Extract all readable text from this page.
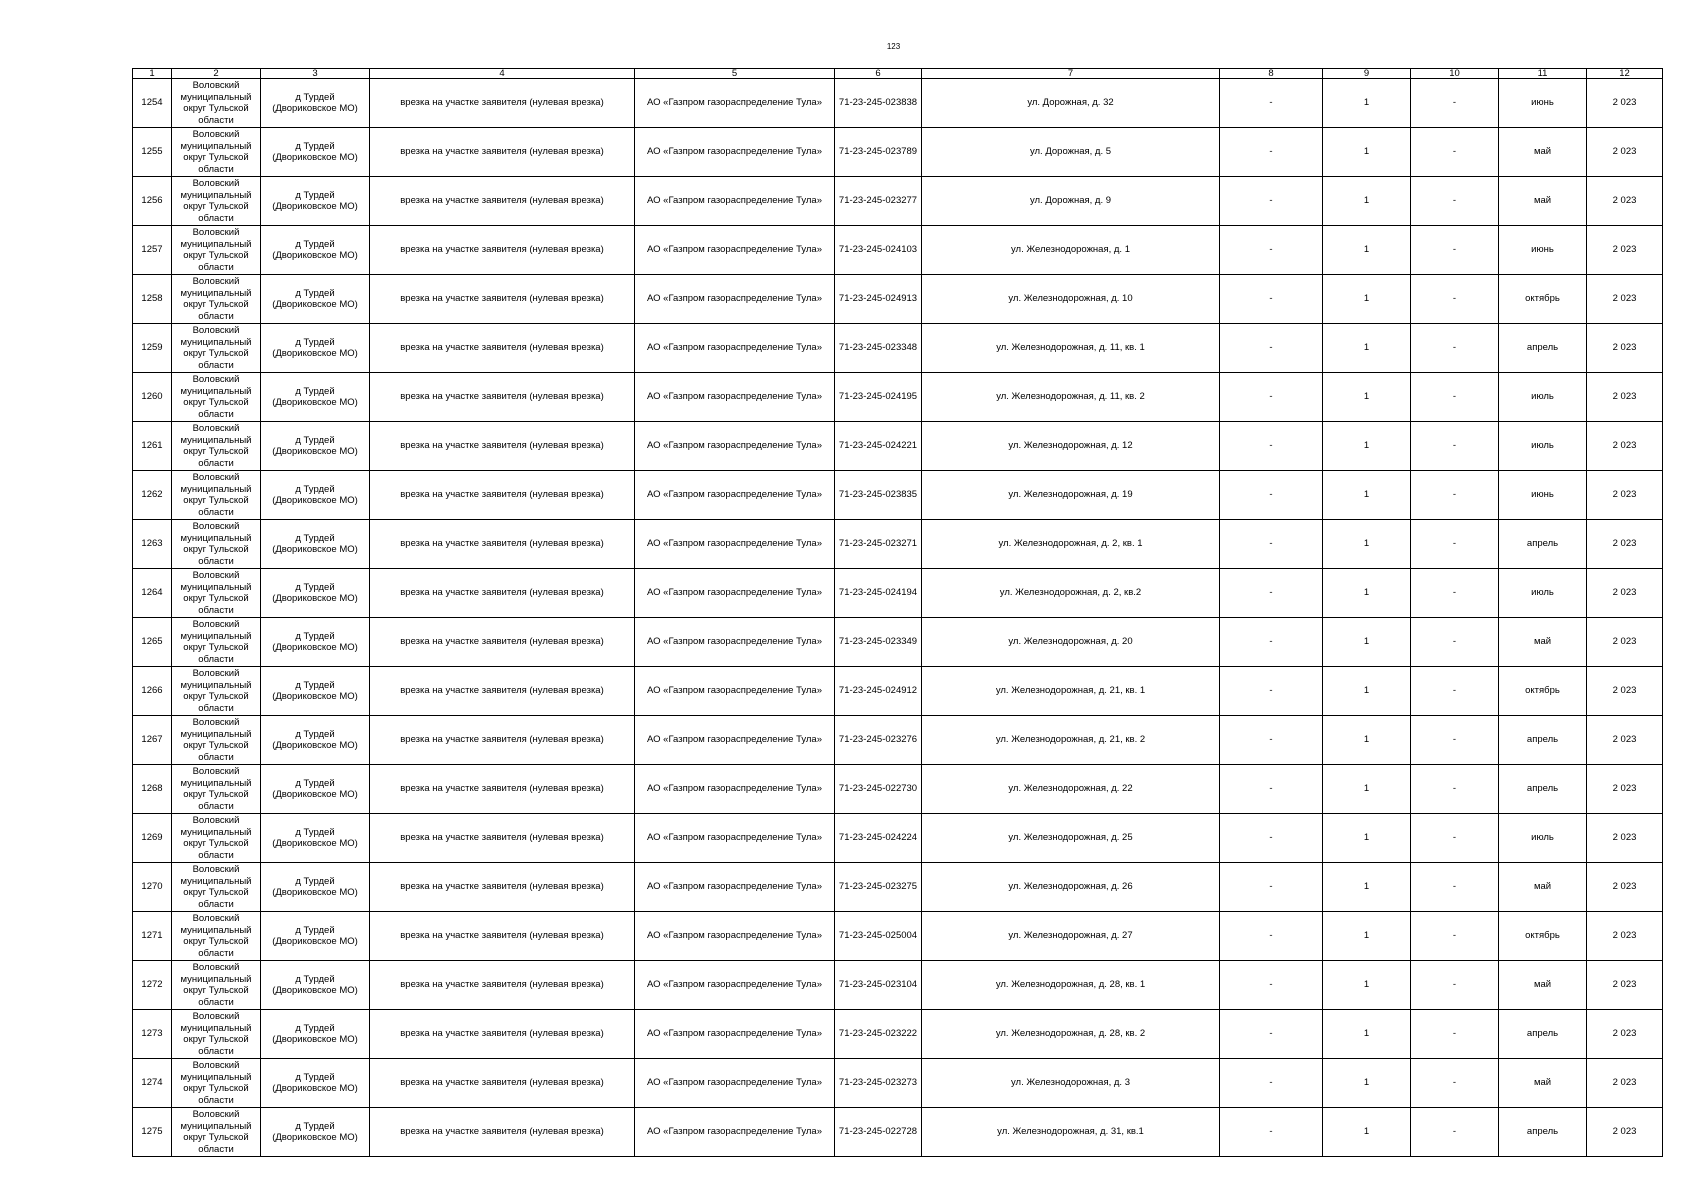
123
1	2	3	4	5	6	7	8	9	10	11	12
1254	Воловский муниципальный округ Тульской области	д Турдей (Двориковское МО)	врезка на участке заявителя (нулевая врезка)	АО «Газпром газораспределение Тула»	71-23-245-023838	ул. Дорожная, д. 32	-	1	-	июнь	2 023
1255	Воловский муниципальный округ Тульской области	д Турдей (Двориковское МО)	врезка на участке заявителя (нулевая врезка)	АО «Газпром газораспределение Тула»	71-23-245-023789	ул. Дорожная, д. 5	-	1	-	май	2 023
1256	Воловский муниципальный округ Тульской области	д Турдей (Двориковское МО)	врезка на участке заявителя (нулевая врезка)	АО «Газпром газораспределение Тула»	71-23-245-023277	ул. Дорожная, д. 9	-	1	-	май	2 023
1257	Воловский муниципальный округ Тульской области	д Турдей (Двориковское МО)	врезка на участке заявителя (нулевая врезка)	АО «Газпром газораспределение Тула»	71-23-245-024103	ул. Железнодорожная, д. 1	-	1	-	июнь	2 023
1258	Воловский муниципальный округ Тульской области	д Турдей (Двориковское МО)	врезка на участке заявителя (нулевая врезка)	АО «Газпром газораспределение Тула»	71-23-245-024913	ул. Железнодорожная, д. 10	-	1	-	октябрь	2 023
1259	Воловский муниципальный округ Тульской области	д Турдей (Двориковское МО)	врезка на участке заявителя (нулевая врезка)	АО «Газпром газораспределение Тула»	71-23-245-023348	ул. Железнодорожная, д. 11, кв. 1	-	1	-	апрель	2 023
1260	Воловский муниципальный округ Тульской области	д Турдей (Двориковское МО)	врезка на участке заявителя (нулевая врезка)	АО «Газпром газораспределение Тула»	71-23-245-024195	ул. Железнодорожная, д. 11, кв. 2	-	1	-	июль	2 023
1261	Воловский муниципальный округ Тульской области	д Турдей (Двориковское МО)	врезка на участке заявителя (нулевая врезка)	АО «Газпром газораспределение Тула»	71-23-245-024221	ул. Железнодорожная, д. 12	-	1	-	июль	2 023
1262	Воловский муниципальный округ Тульской области	д Турдей (Двориковское МО)	врезка на участке заявителя (нулевая врезка)	АО «Газпром газораспределение Тула»	71-23-245-023835	ул. Железнодорожная, д. 19	-	1	-	июнь	2 023
1263	Воловский муниципальный округ Тульской области	д Турдей (Двориковское МО)	врезка на участке заявителя (нулевая врезка)	АО «Газпром газораспределение Тула»	71-23-245-023271	ул. Железнодорожная, д. 2, кв. 1	-	1	-	апрель	2 023
1264	Воловский муниципальный округ Тульской области	д Турдей (Двориковское МО)	врезка на участке заявителя (нулевая врезка)	АО «Газпром газораспределение Тула»	71-23-245-024194	ул. Железнодорожная, д. 2, кв.2	-	1	-	июль	2 023
1265	Воловский муниципальный округ Тульской области	д Турдей (Двориковское МО)	врезка на участке заявителя (нулевая врезка)	АО «Газпром газораспределение Тула»	71-23-245-023349	ул. Железнодорожная, д. 20	-	1	-	май	2 023
1266	Воловский муниципальный округ Тульской области	д Турдей (Двориковское МО)	врезка на участке заявителя (нулевая врезка)	АО «Газпром газораспределение Тула»	71-23-245-024912	ул. Железнодорожная, д. 21, кв. 1	-	1	-	октябрь	2 023
1267	Воловский муниципальный округ Тульской области	д Турдей (Двориковское МО)	врезка на участке заявителя (нулевая врезка)	АО «Газпром газораспределение Тула»	71-23-245-023276	ул. Железнодорожная, д. 21, кв. 2	-	1	-	апрель	2 023
1268	Воловский муниципальный округ Тульской области	д Турдей (Двориковское МО)	врезка на участке заявителя (нулевая врезка)	АО «Газпром газораспределение Тула»	71-23-245-022730	ул. Железнодорожная, д. 22	-	1	-	апрель	2 023
1269	Воловский муниципальный округ Тульской области	д Турдей (Двориковское МО)	врезка на участке заявителя (нулевая врезка)	АО «Газпром газораспределение Тула»	71-23-245-024224	ул. Железнодорожная, д. 25	-	1	-	июль	2 023
1270	Воловский муниципальный округ Тульской области	д Турдей (Двориковское МО)	врезка на участке заявителя (нулевая врезка)	АО «Газпром газораспределение Тула»	71-23-245-023275	ул. Железнодорожная, д. 26	-	1	-	май	2 023
1271	Воловский муниципальный округ Тульской области	д Турдей (Двориковское МО)	врезка на участке заявителя (нулевая врезка)	АО «Газпром газораспределение Тула»	71-23-245-025004	ул. Железнодорожная, д. 27	-	1	-	октябрь	2 023
1272	Воловский муниципальный округ Тульской области	д Турдей (Двориковское МО)	врезка на участке заявителя (нулевая врезка)	АО «Газпром газораспределение Тула»	71-23-245-023104	ул. Железнодорожная, д. 28, кв. 1	-	1	-	май	2 023
1273	Воловский муниципальный округ Тульской области	д Турдей (Двориковское МО)	врезка на участке заявителя (нулевая врезка)	АО «Газпром газораспределение Тула»	71-23-245-023222	ул. Железнодорожная, д. 28, кв. 2	-	1	-	апрель	2 023
1274	Воловский муниципальный округ Тульской области	д Турдей (Двориковское МО)	врезка на участке заявителя (нулевая врезка)	АО «Газпром газораспределение Тула»	71-23-245-023273	ул. Железнодорожная, д. 3	-	1	-	май	2 023
1275	Воловский муниципальный округ Тульской области	д Турдей (Двориковское МО)	врезка на участке заявителя (нулевая врезка)	АО «Газпром газораспределение Тула»	71-23-245-022728	ул. Железнодорожная, д. 31, кв.1	-	1	-	апрель	2 023
